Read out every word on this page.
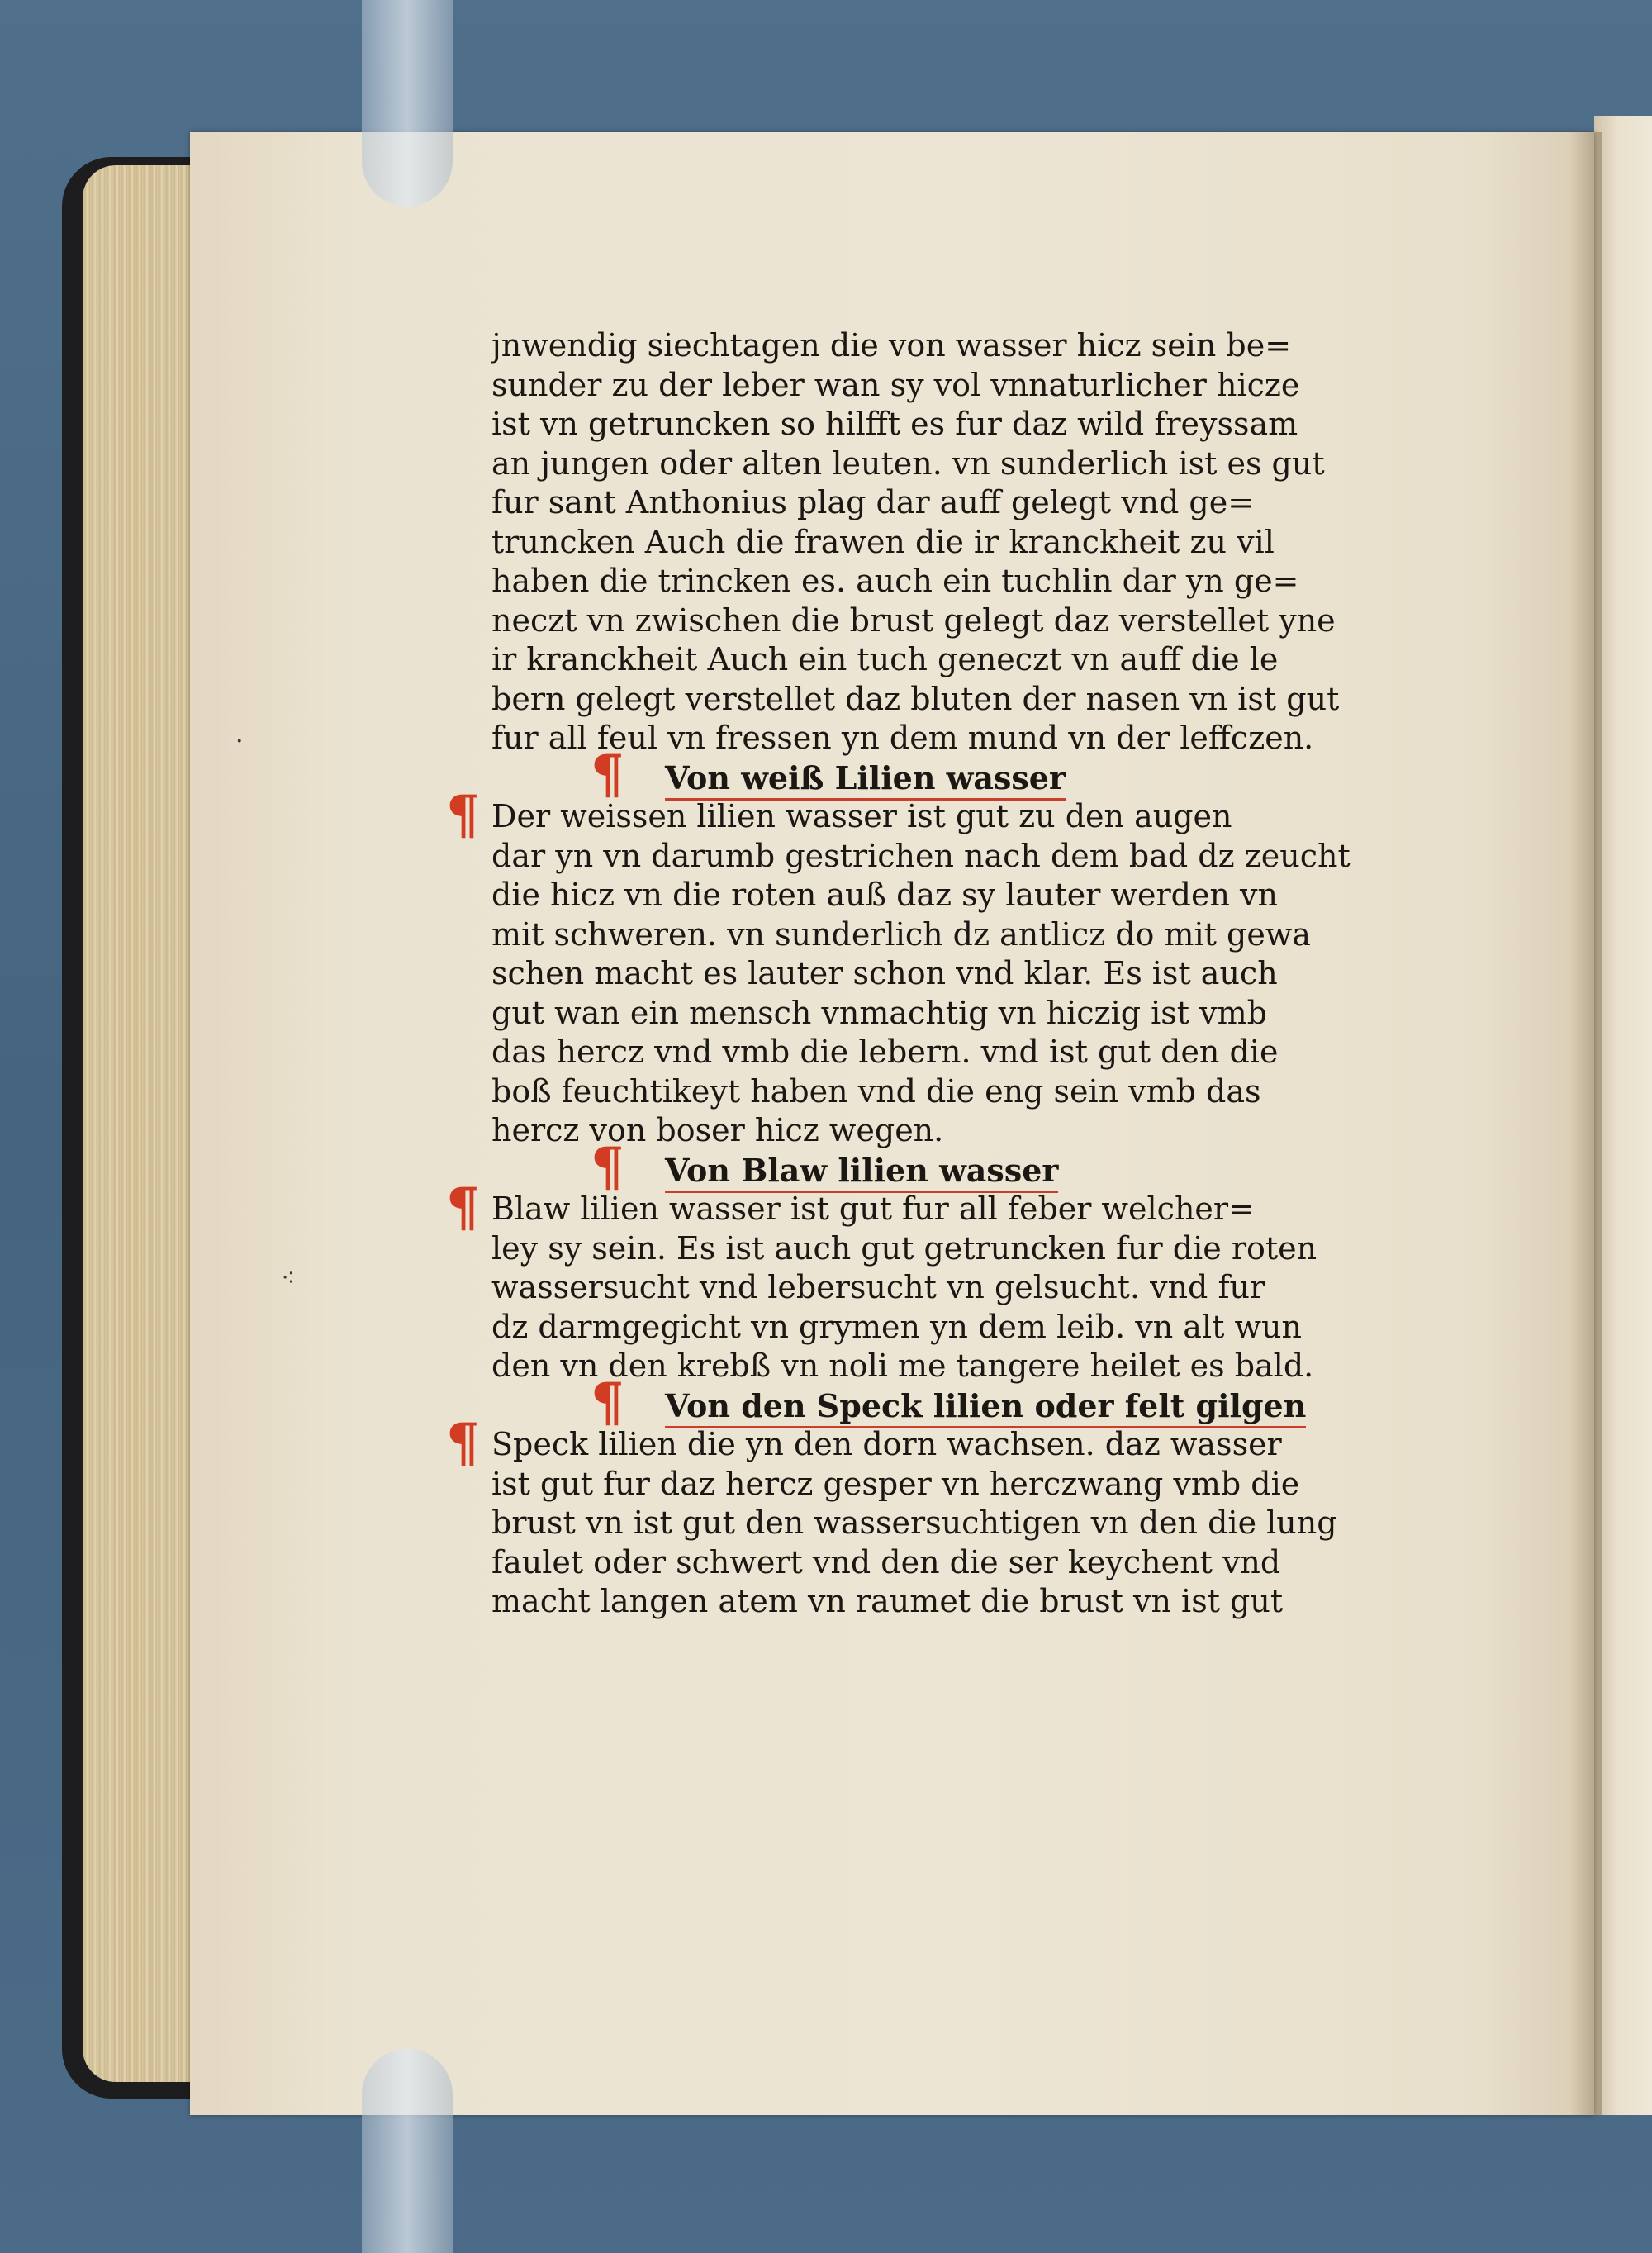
·
⁖
jnwendig siechtagen die von wasser hicz sein be=
sunder zu der leber wan sy vol vnnaturlicher hicze
ist vn getruncken so hilfft es fur daz wild freyssam
an jungen oder alten leuten. vn sunderlich ist es gut
fur sant Anthonius plag dar auff gelegt vnd ge=
truncken Auch die frawen die ir kranckheit zu vil
haben die trincken es. auch ein tuchlin dar yn ge=
neczt vn zwischen die brust gelegt daz verstellet yne
ir kranckheit Auch ein tuch geneczt vn auff die le
bern gelegt verstellet daz bluten der nasen vn ist gut
fur all feul vn fressen yn dem mund vn der leffczen.
¶ Von weiß Lilien wasser
¶ Der weissen lilien wasser ist gut zu den augen
dar yn vn darumb gestrichen nach dem bad dz zeucht
die hicz vn die roten auß daz sy lauter werden vn
mit schweren. vn sunderlich dz antlicz do mit gewa
schen macht es lauter schon vnd klar. Es ist auch
gut wan ein mensch vnmachtig vn hiczig ist vmb
das hercz vnd vmb die lebern. vnd ist gut den die
boß feuchtikeyt haben vnd die eng sein vmb das
hercz von boser hicz wegen.
¶ Von Blaw lilien wasser
¶ Blaw lilien wasser ist gut fur all feber welcher=
ley sy sein. Es ist auch gut getruncken fur die roten
wassersucht vnd lebersucht vn gelsucht. vnd fur
dz darmgegicht vn grymen yn dem leib. vn alt wun
den vn den krebß vn noli me tangere heilet es bald.
¶ Von den Speck lilien oder felt gilgen
¶ Speck lilien die yn den dorn wachsen. daz wasser
ist gut fur daz hercz gesper vn herczwang vmb die
brust vn ist gut den wassersuchtigen vn den die lung
faulet oder schwert vnd den die ser keychent vnd
macht langen atem vn raumet die brust vn ist gut
